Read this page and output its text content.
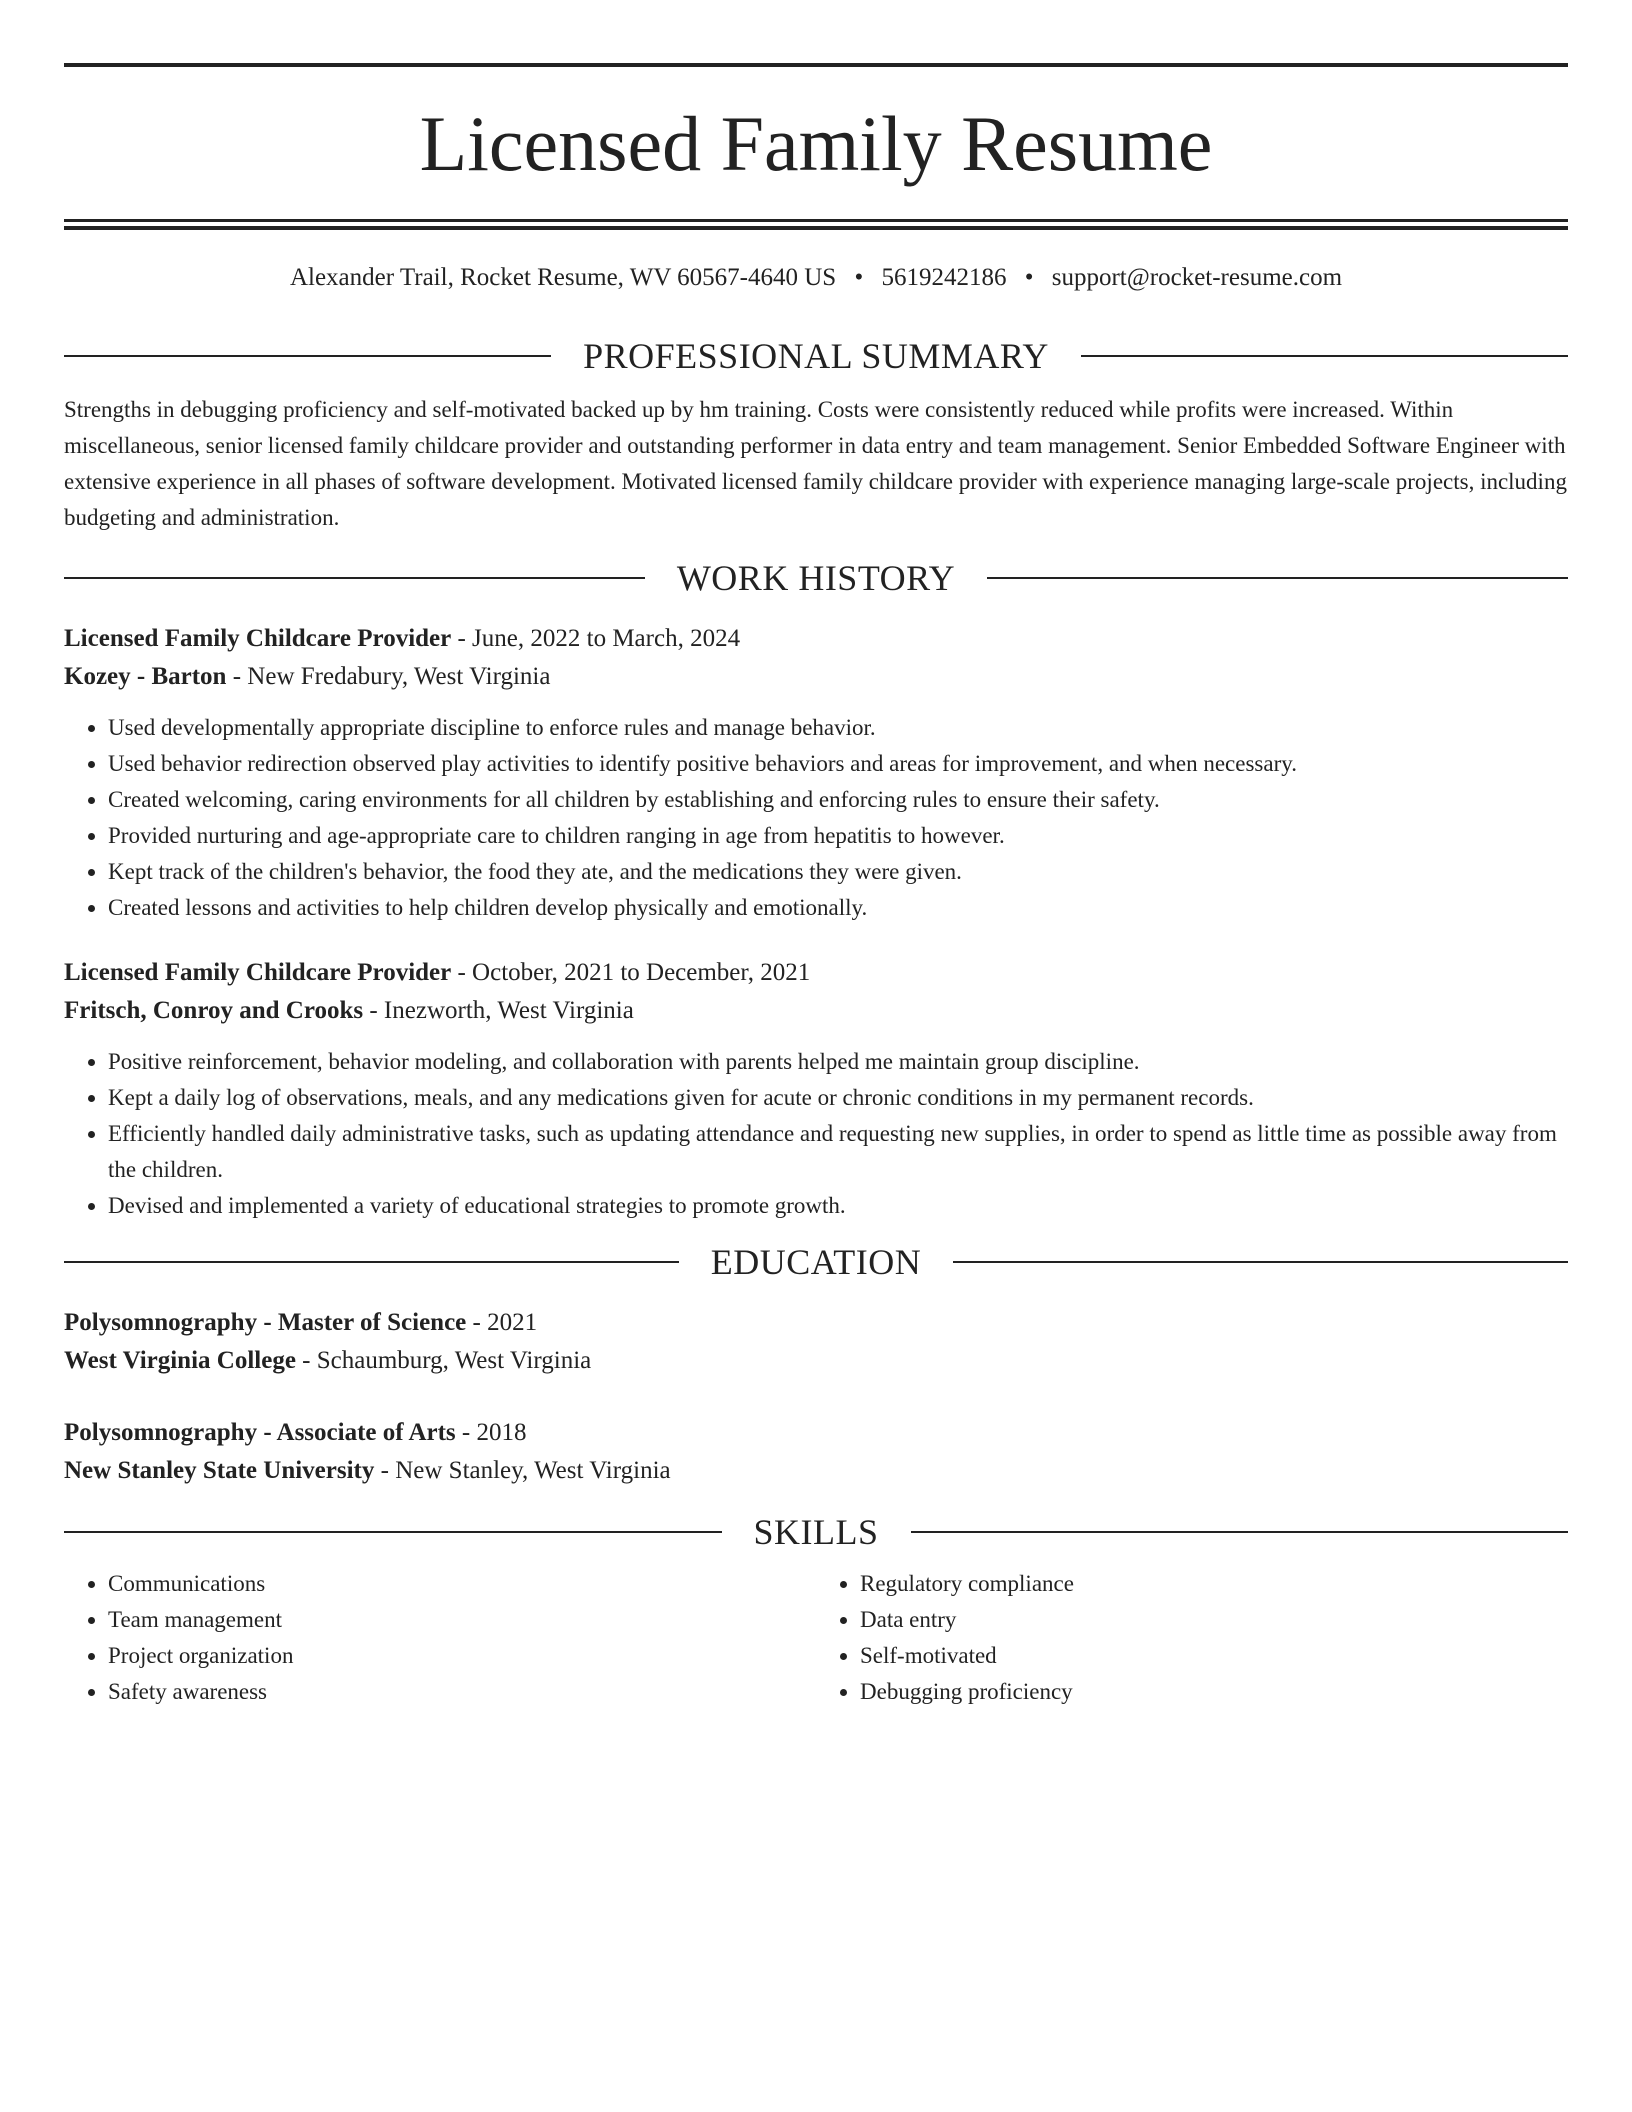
Licensed Family Resume
Alexander Trail, Rocket Resume, WV 60567-4640 US • 5619242186 • support@rocket-resume.com
PROFESSIONAL SUMMARY

Strengths in debugging proficiency and self-motivated backed up by hm training. Costs were consistently reduced while profits were increased. Within miscellaneous, senior licensed family childcare provider and outstanding performer in data entry and team management. Senior Embedded Software Engineer with extensive experience in all phases of software development. Motivated licensed family childcare provider with experience managing large-scale projects, including budgeting and administration.

WORK HISTORY
Licensed Family Childcare Provider - June, 2022 to March, 2024
Kozey - Barton - New Fredabury, West Virginia
• Used developmentally appropriate discipline to enforce rules and manage behavior.
• Used behavior redirection observed play activities to identify positive behaviors and areas for improvement, and when necessary.
• Created welcoming, caring environments for all children by establishing and enforcing rules to ensure their safety.
• Provided nurturing and age-appropriate care to children ranging in age from hepatitis to however.
• Kept track of the children's behavior, the food they ate, and the medications they were given.
• Created lessons and activities to help children develop physically and emotionally.
Licensed Family Childcare Provider - October, 2021 to December, 2021
Fritsch, Conroy and Crooks - Inezworth, West Virginia
• Positive reinforcement, behavior modeling, and collaboration with parents helped me maintain group discipline.
• Kept a daily log of observations, meals, and any medications given for acute or chronic conditions in my permanent records.
• Efficiently handled daily administrative tasks, such as updating attendance and requesting new supplies, in order to spend as little time as possible away from the children.
• Devised and implemented a variety of educational strategies to promote growth.
EDUCATION
Polysomnography - Master of Science - 2021
West Virginia College - Schaumburg, West Virginia
Polysomnography - Associate of Arts - 2018
New Stanley State University - New Stanley, West Virginia
SKILLS
• Communications
• Team management
• Project organization
• Safety awareness
• Regulatory compliance
• Data entry
• Self-motivated
• Debugging proficiency
